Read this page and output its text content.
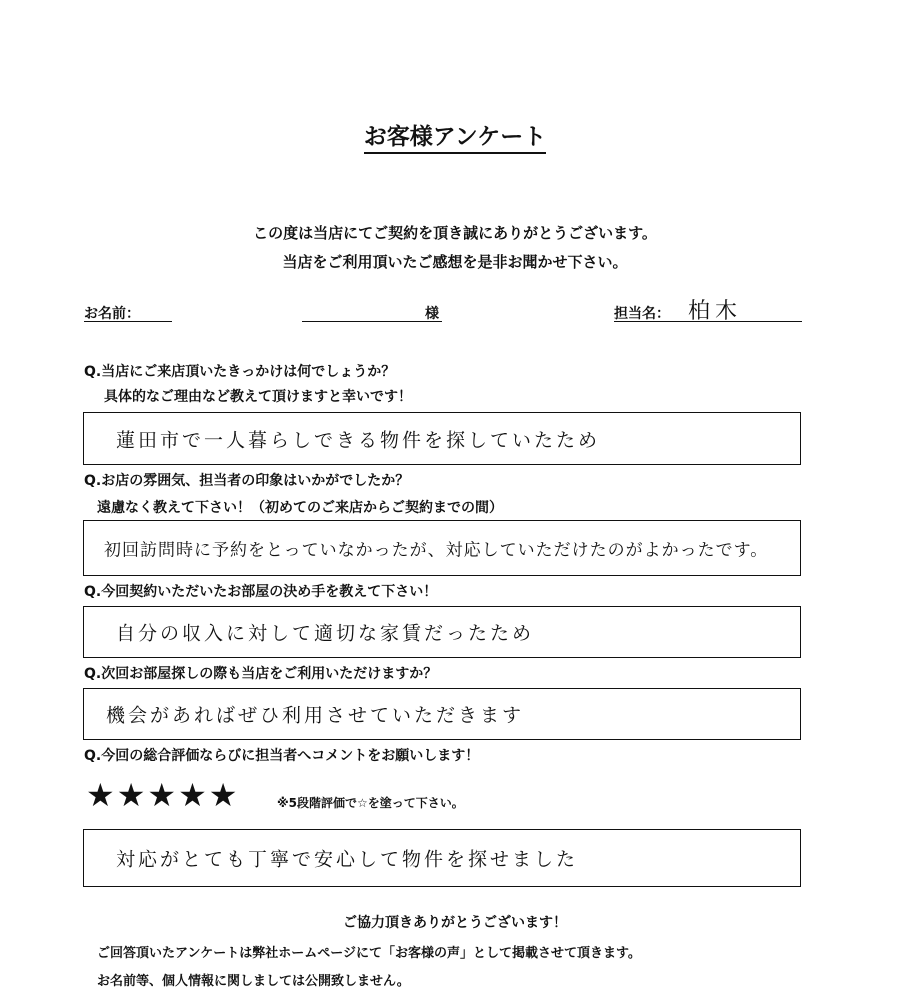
お客様アンケート
この度は当店にてご契約を頂き誠にありがとうございます。
当店をご利用頂いたご感想を是非お聞かせ下さい。
お名前：	様	担当名： 柏木
Q.当店にご来店頂いたきっかけは何でしょうか？
具体的なご理由など教えて頂けますと幸いです！
蓮田市で一人暮らしできる物件を探していたため
Q.お店の雰囲気、担当者の印象はいかがでしたか？
遠慮なく教えて下さい！（初めてのご来店からご契約までの間）
初回訪問時に予約をとっていなかったが、対応していただけたのがよかったです。
Q.今回契約いただいたお部屋の決め手を教えて下さい！
自分の収入に対して適切な家賃だったため
Q.次回お部屋探しの際も当店をご利用いただけますか？
機会があればぜひ利用させていただきます
Q.今回の総合評価ならびに担当者へコメントをお願いします！
★★★★★	※5段階評価で☆を塗って下さい。
対応がとても丁寧で安心して物件を探せました
ご協力頂きありがとうございます！
ご回答頂いたアンケートは弊社ホームページにて「お客様の声」として掲載させて頂きます。
お名前等、個人情報に関しましては公開致しません。
